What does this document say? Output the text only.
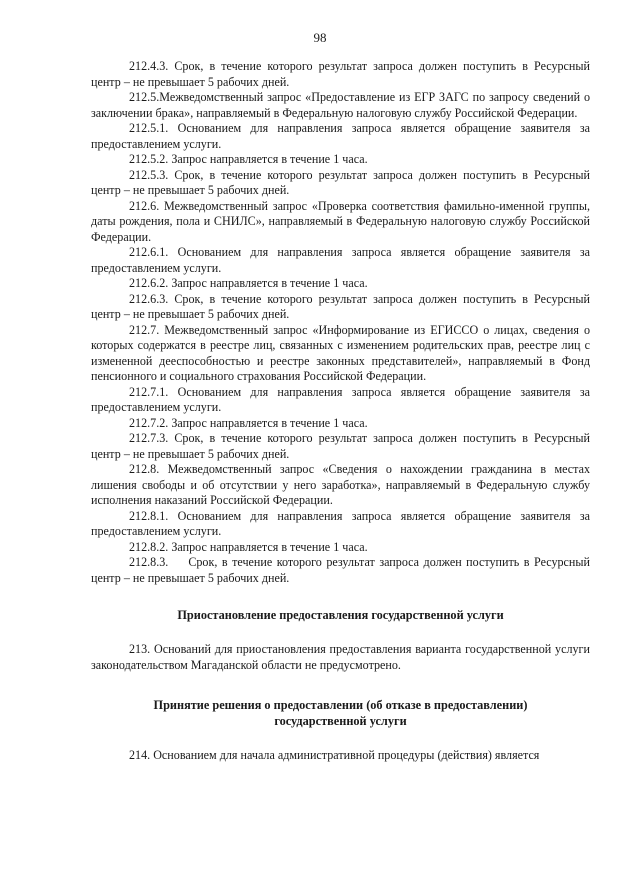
98

212.4.3. Срок, в течение которого результат запроса должен поступить в Ресурсный центр – не превышает 5 рабочих дней.

212.5.Межведомственный запрос «Предоставление из ЕГР ЗАГС по запросу сведений о заключении брака», направляемый в Федеральную налоговую службу Российской Федерации.

212.5.1. Основанием для направления запроса является обращение заявителя за предоставлением услуги.

212.5.2. Запрос направляется в течение 1 часа.

212.5.3. Срок, в течение которого результат запроса должен поступить в Ресурсный центр – не превышает 5 рабочих дней.

212.6. Межведомственный запрос «Проверка соответствия фамильно-именной группы, даты рождения, пола и СНИЛС», направляемый в Федеральную налоговую службу Российской Федерации.

212.6.1. Основанием для направления запроса является обращение заявителя за предоставлением услуги.

212.6.2. Запрос направляется в течение 1 часа.

212.6.3. Срок, в течение которого результат запроса должен поступить в Ресурсный центр – не превышает 5 рабочих дней.

212.7. Межведомственный запрос «Информирование из ЕГИССО о лицах, сведения о которых содержатся в реестре лиц, связанных с изменением родительских прав, реестре лиц с измененной дееспособностью и реестре законных представителей», направляемый в Фонд пенсионного и социального страхования Российской Федерации.

212.7.1. Основанием для направления запроса является обращение заявителя за предоставлением услуги.

212.7.2. Запрос направляется в течение 1 часа.

212.7.3. Срок, в течение которого результат запроса должен поступить в Ресурсный центр – не превышает 5 рабочих дней.

212.8. Межведомственный запрос «Сведения о нахождении гражданина в местах лишения свободы и об отсутствии у него заработка», направляемый в Федеральную службу исполнения наказаний Российской Федерации.

212.8.1. Основанием для направления запроса является обращение заявителя за предоставлением услуги.

212.8.2. Запрос направляется в течение 1 часа.

212.8.3. Срок, в течение которого результат запроса должен поступить в Ресурсный центр – не превышает 5 рабочих дней.

Приостановление предоставления государственной услуги

213. Оснований для приостановления предоставления варианта государственной услуги законодательством Магаданской области не предусмотрено.

Принятие решения о предоставлении (об отказе в предоставлении)
государственной услуги

214. Основанием для начала административной процедуры (действия) является
